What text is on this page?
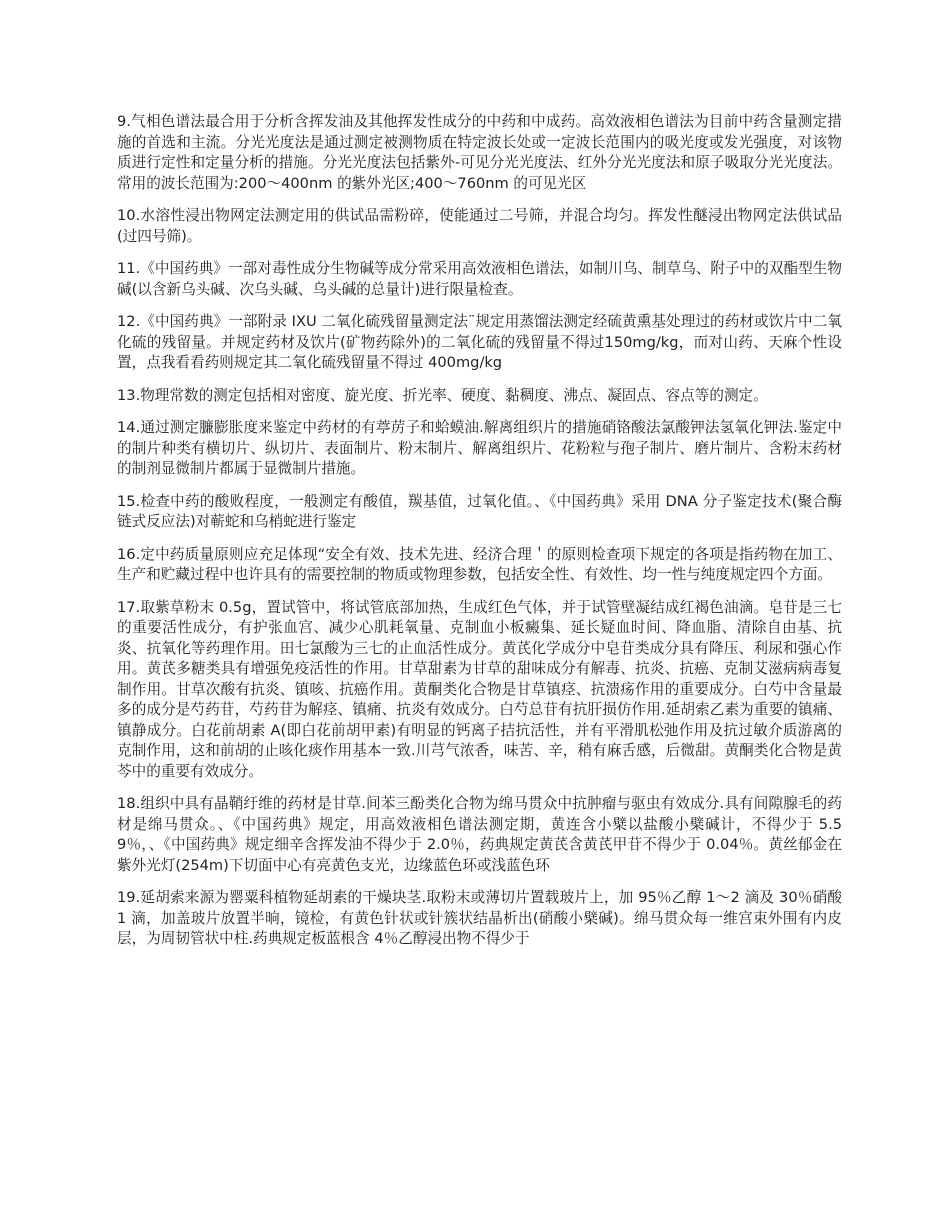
9.气相色谱法最合用于分析含挥发油及其他挥发性成分的中药和中成药。高效液相色谱法为目前中药含量测定措施的首选和主流。分光光度法是通过测定被测物质在特定波长处或一定波长范围内的吸光度或发光强度，对该物质进行定性和定量分析的措施。分光光度法包括紫外-可见分光光度法、红外分光光度法和原子吸取分光光度法。常用的波长范围为:200～400nm 的紫外光区;400～760nm 的可见光区

10.水溶性浸出物网定法测定用的供试品需粉碎，使能通过二号筛，并混合均匀。挥发性醚浸出物网定法供试品(过四号筛)。

11.《中国药典》一部对毒性成分生物碱等成分常采用高效液相色谱法，如制川乌、制草乌、附子中的双酯型生物碱(以含新乌头碱、次乌头碱、乌头碱的总量计)进行限量检查。

12.《中国药典》一部附录 IXU 二氧化硫残留量测定法¨规定用蒸馏法测定经硫黄熏基处理过的药材或饮片中二氧化硫的残留量。并规定药材及饮片(矿物药除外)的二氧化硫的残留量不得过150mg/kg，而对山药、天麻个性设置，点我看看药则规定其二氧化硫残留量不得过 400mg/kg

13.物理常数的测定包括相对密度、旋光度、折光率、硬度、黏稠度、沸点、凝固点、容点等的测定。

14.通过测定臁膨胀度来鉴定中药材的有葶苈子和蛤蟆油.解离组织片的措施硝铬酸法氯酸钾法氢氧化钾法.鉴定中的制片种类有横切片、纵切片、表面制片、粉末制片、解离组织片、花粉粒与孢子制片、磨片制片、含粉末药材的制剂显微制片都属于显微制片措施。

15.检查中药的酸败程度，一般测定有酸值，羰基值，过氧化值。、《中国药典》采用 DNA 分子鉴定技术(聚合酶链式反应法)对蕲蛇和乌梢蛇进行鉴定

16.定中药质量原则应充足体现“安全有效、技术先进、经济合理＇的原则检查项下规定的各项是指药物在加工、生产和贮藏过程中也许具有的需要控制的物质或物理参数，包括安全性、有效性、均一性与纯度规定四个方面。

17.取紫草粉末 0.5g，置试管中，将试管底部加热，生成红色气体，并于试管壁凝结成红褐色油滴。皂苷是三七的重要活性成分，有护张血宫、减少心肌耗氧量、克制血小板癜集、延长疑血时间、降血脂、清除自由基、抗炎、抗氧化等药理作用。田七氯酸为三七的止血活性成分。黄芪化学成分中皂苷类成分具有降压、利尿和强心作用。黄芪多糖类具有增强免疫活性的作用。甘草甜素为甘草的甜味成分有解毒、抗炎、抗癌、克制艾滋病病毒复制作用。甘草次酸有抗炎、镇咳、抗癌作用。黄酮类化合物是甘草镇痉、抗溃疡作用的重要成分。白芍中含量最多的成分是芍药苷，芍药苷为解痉、镇痛、抗炎有效成分。白芍总苷有抗肝损仿作用.延胡索乙素为重要的镇痛、镇静成分。白花前胡素 A(即白花前胡甲素)有明显的钙离子拮抗活性，并有平滑肌松弛作用及抗过敏介质游离的克制作用，这和前胡的止咳化痰作用基本一致.川芎气浓香，味苦、辛，稍有麻舌感，后微甜。黄酮类化合物是黄芩中的重要有效成分。

18.组织中具有晶鞘纡维的药材是甘草.间苯三酚类化合物为绵马贯众中抗肿瘤与驱虫有效成分.具有间隙腺毛的药材是绵马贯众。、《中国药典》规定，用高效液相色谱法测定期，黄连含小檗以盐酸小檗碱计，不得少于 5.59％，、《中国药典》规定细辛含挥发油不得少于 2.0％，药典规定黄芪含黄芪甲苷不得少于 0.04％。黄丝郁金在紫外光灯(254m)下切面中心有亮黄色支光，边缘蓝色环或浅蓝色环

19.延胡索来源为罂粟科植物延胡素的干燥块茎.取粉末或薄切片置载玻片上，加 95％乙醇 1～2 滴及 30％硝酸 1 滴，加盖玻片放置半晌，镜检，有黄色针状或针簇状结晶析出(硝酸小檗碱)。绵马贯众每一维宫束外围有内皮层，为周韧管状中柱.药典规定板蓝根含 4％乙醇浸出物不得少于
